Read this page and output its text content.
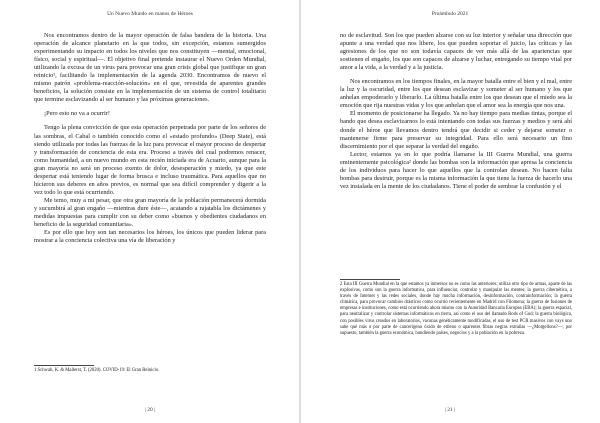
Un Nuevo Mundo en manos de Héroes

Nos encontramos dentro de la mayor operación de falsa bandera de la historia. Una operación de alcance planetario en la que todos, sin excepción, estamos sumergidos experimentando su impacto en todos los niveles que nos constituyen —mental, emocional, físico, social y espiritual—. El objetivo final pretende instaurar el Nuevo Orden Mundial, utilizando la excusa de un virus para provocar una gran crisis global que justifique un gran reinicio¹, facilitando la implementación de la agenda 2030. Encontramos de nuevo el mismo patrón «problema-reacción-solución» en el que, revestida de aparentes grandes beneficios, la solución consiste en la implementación de un sistema de control totalitario que termine esclavizando al ser humano y las próximas generaciones.

¡Pero esto no va a ocurrir!

Tengo la plena convicción de que esta operación perpetrada por parte de los señores de las sombras, el Cabal o también conocido como el «estado profundo» (Deep State), está siendo utilizada por todas las fuerzas de la luz para provocar el mayor proceso de despertar y transformación de conciencia de esta era. Proceso a través del cual podremos renacer, como humanidad, a un nuevo mundo en esta recién iniciada era de Acuario, aunque para la gran mayoría no será un proceso exento de dolor, desesperación y miedo, ya que este despertar está teniendo lugar de forma brusca e incluso traumática. Para aquellos que no hicieron sus deberes en años previos, es normal que sea difícil comprender y digerir a la vez todo lo que está ocurriendo.

Me temo, muy a mi pesar, que otra gran mayoría de la población permanecerá dormida y sucumbirá al gran engaño —mientras dure éste—, acatando a rajatabla los dictámenes y medidas impuestas para cumplir con su deber como «buenos y obedientes ciudadanos en beneficio de la seguridad comunitaria».

Es por ello que hoy son tan necesarios los héroes, los únicos que pueden liderar para mostrar a la conciencia colectiva una vía de liberación y

1 Schwab, K. & Mallerst, T. (2020). COVID-19: El Gran Reinicio.

| 20 |
Proámbulo 2021

no de esclavitud. Son los que pueden alzarse con su luz interior y señalar una dirección que apunte a una verdad que nos libere, los que pueden soportar el juicio, las críticas y las agresiones de los que no son todavía capaces de ver más allá de las apariencias que sostienen el engaño, los que son capaces de alzarse y luchar, entregando su tiempo vital por amor a la vida, a la verdad y a la justicia.

Nos encontramos en los tiempos finales, en la mayor batalla entre el bien y el mal, entre la luz y la oscuridad, entre los que desean esclavizar y someter al ser humano y los que anhelan empoderarlo y liberarlo. La última batalla entre los que desean que el miedo sea la emoción que rija nuestras vidas y los que anhelan que el amor sea la energía que nos una.

El momento de posicionarse ha llegado. Ya no hay tiempo para medias tintas, porque el bando que desea esclavizarnos lo está intentando con todas sus fuerzas y medios y será ahí donde el héroe que llevamos dentro tendrá que decidir si ceder y dejarse someter o mantenerse firme para preservar su integridad. Para ello será necesario un fino discernimiento por el que separar la verdad del engaño.

Lector, estamos ya en lo que podría llamarse la III Guerra Mundial, una guerra eminentemente psicológica² donde las bombas son la información que apresa la conciencia de los individuos para hacer lo que aquellos que la controlan desean. No hacen falta bombas para destruir, porque es la misma información la que tiene la fuerza de hacerlo una vez instalada en la mente de los ciudadanos. Tiene el poder de sembrar la confusión y el

2 Esta III Guerra Mundial en la que estamos ya inmersos no es como las anteriores; utiliza otro tipo de armas, aparte de las explosivas, como son la guerra informativa, para influenciar, controlar y manipular las mentes; la guerra cibernética, a través de Internet y las redes sociales, donde hay mucha información, desinformación, contrainformación; la guerra climática, para provocar cambios drásticos como ocurrió recientemente en Madrid con Filomena; la guerra de fusiones de empresas e instituciones, como está ocurriendo ahora mismo con la Autoridad Bancaria Europea (EBA); la guerra espacial, para neutralizar y controlar sistemas informáticos en tierra, así como el uso del llamado Rods of God; la guerra biológica, con posibles virus creados en laboratorios, vacunas genéticamente modificadas, el uso de test PCR masivos con vays uno sabe qué más o por parte de cancerígeno óxido de etileno o aparentes fibras negras extrañas —¿Morgellons?—; por supuesto, también la guerra económica, hundiendo países, negocios y a la población en la pobreza.

| 21 |
